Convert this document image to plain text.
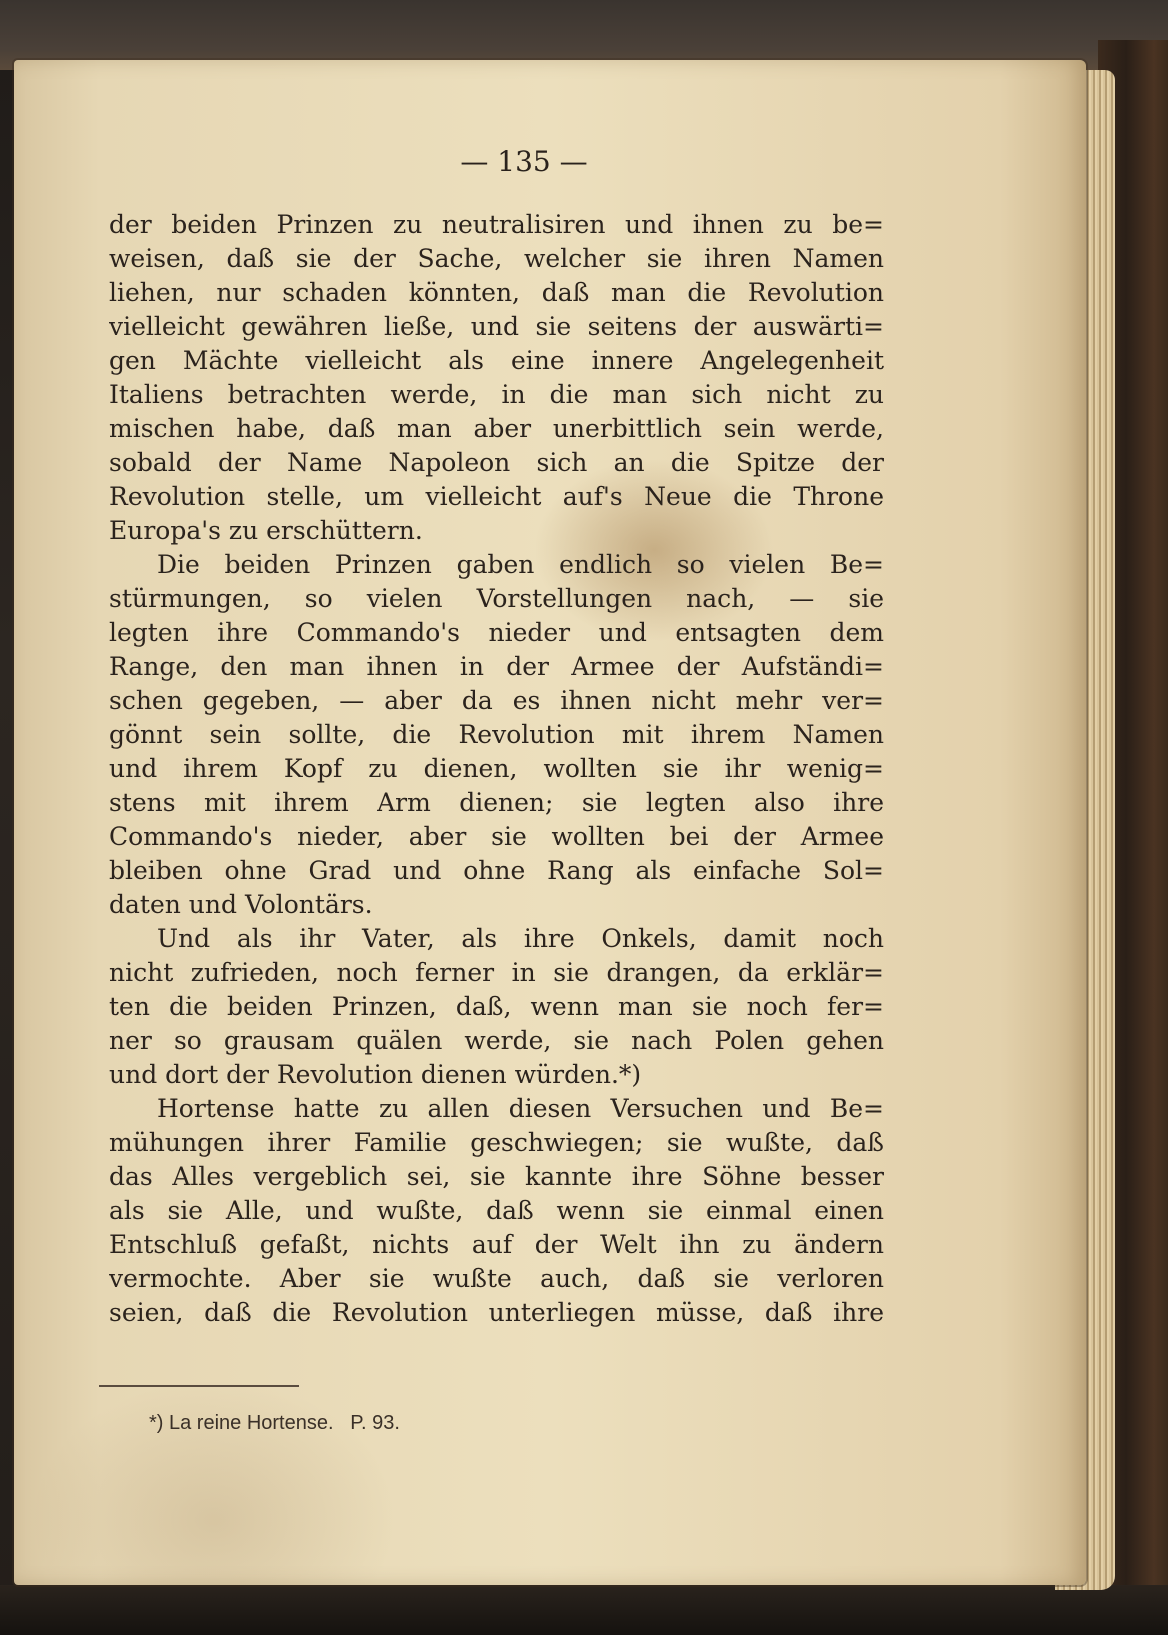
— 135 —
der beiden Prinzen zu neutralisiren und ihnen zu be=
weisen, daß sie der Sache, welcher sie ihren Namen
liehen, nur schaden könnten, daß man die Revolution
vielleicht gewähren ließe, und sie seitens der auswärti=
gen Mächte vielleicht als eine innere Angelegenheit
Italiens betrachten werde, in die man sich nicht zu
mischen habe, daß man aber unerbittlich sein werde,
sobald der Name Napoleon sich an die Spitze der
Revolution stelle, um vielleicht auf's Neue die Throne
Europa's zu erschüttern.
Die beiden Prinzen gaben endlich so vielen Be=
stürmungen, so vielen Vorstellungen nach, — sie
legten ihre Commando's nieder und entsagten dem
Range, den man ihnen in der Armee der Aufständi=
schen gegeben, — aber da es ihnen nicht mehr ver=
gönnt sein sollte, die Revolution mit ihrem Namen
und ihrem Kopf zu dienen, wollten sie ihr wenig=
stens mit ihrem Arm dienen; sie legten also ihre
Commando's nieder, aber sie wollten bei der Armee
bleiben ohne Grad und ohne Rang als einfache Sol=
daten und Volontärs.
Und als ihr Vater, als ihre Onkels, damit noch
nicht zufrieden, noch ferner in sie drangen, da erklär=
ten die beiden Prinzen, daß, wenn man sie noch fer=
ner so grausam quälen werde, sie nach Polen gehen
und dort der Revolution dienen würden.*)
Hortense hatte zu allen diesen Versuchen und Be=
mühungen ihrer Familie geschwiegen; sie wußte, daß
das Alles vergeblich sei, sie kannte ihre Söhne besser
als sie Alle, und wußte, daß wenn sie einmal einen
Entschluß gefaßt, nichts auf der Welt ihn zu ändern
vermochte. Aber sie wußte auch, daß sie verloren
seien, daß die Revolution unterliegen müsse, daß ihre
*) La reine Hortense.   P. 93.
